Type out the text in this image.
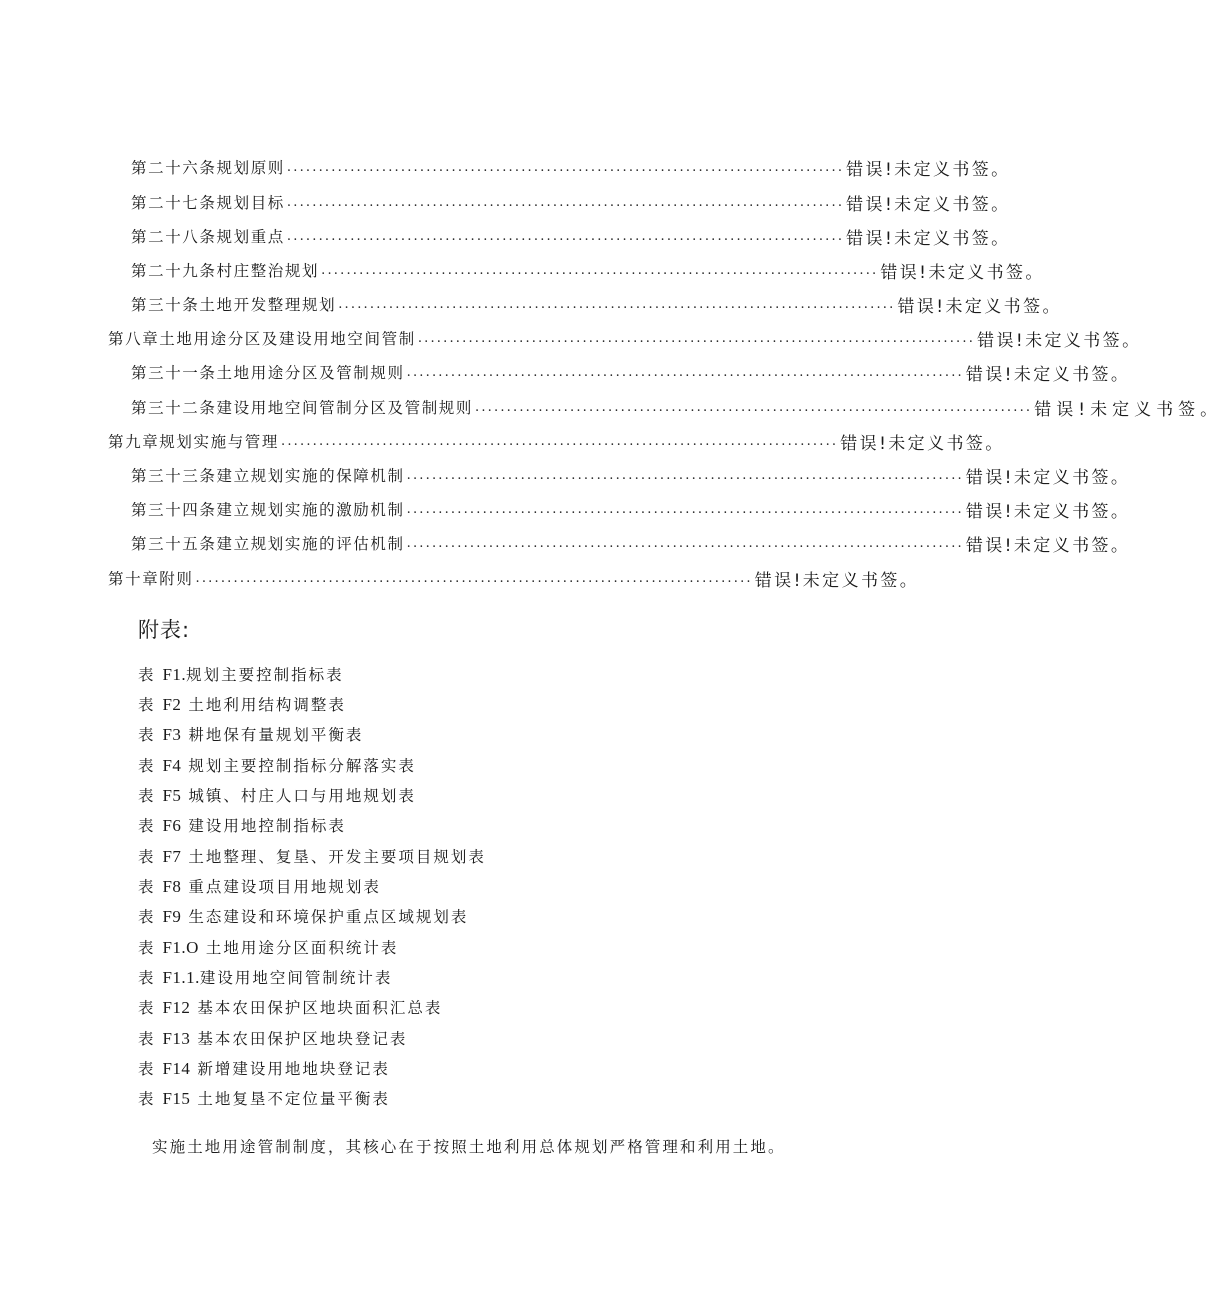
第二十六条规划原则 ........................................................................................ 错误!未定义书签。
第二十七条规划目标 ........................................................................................ 错误!未定义书签。
第二十八条规划重点 ........................................................................................ 错误!未定义书签。
第二十九条村庄整治规划 ........................................................................................ 错误!未定义书签。
第三十条土地开发整理规划 ........................................................................................ 错误!未定义书签。
第八章土地用途分区及建设用地空间管制 ........................................................................................ 错误!未定义书签。
第三十一条土地用途分区及管制规则 ........................................................................................ 错误!未定义书签。
第三十二条建设用地空间管制分区及管制规则 ........................................................................................ 错误!未定义书签。
第九章规划实施与管理 ........................................................................................ 错误!未定义书签。
第三十三条建立规划实施的保障机制 ........................................................................................ 错误!未定义书签。
第三十四条建立规划实施的激励机制 ........................................................................................ 错误!未定义书签。
第三十五条建立规划实施的评估机制 ........................................................................................ 错误!未定义书签。
第十章附则 ........................................................................................ 错误!未定义书签。
附表:
表 F1.规划主要控制指标表
表 F2 土地利用结构调整表
表 F3 耕地保有量规划平衡表
表 F4 规划主要控制指标分解落实表
表 F5 城镇、村庄人口与用地规划表
表 F6 建设用地控制指标表
表 F7 土地整理、复垦、开发主要项目规划表
表 F8 重点建设项目用地规划表
表 F9 生态建设和环境保护重点区域规划表
表 F1.O 土地用途分区面积统计表
表 F1.1.建设用地空间管制统计表
表 F12 基本农田保护区地块面积汇总表
表 F13 基本农田保护区地块登记表
表 F14 新增建设用地地块登记表
表 F15 土地复垦不定位量平衡表
实施土地用途管制制度，其核心在于按照土地利用总体规划严格管理和利用土地。
